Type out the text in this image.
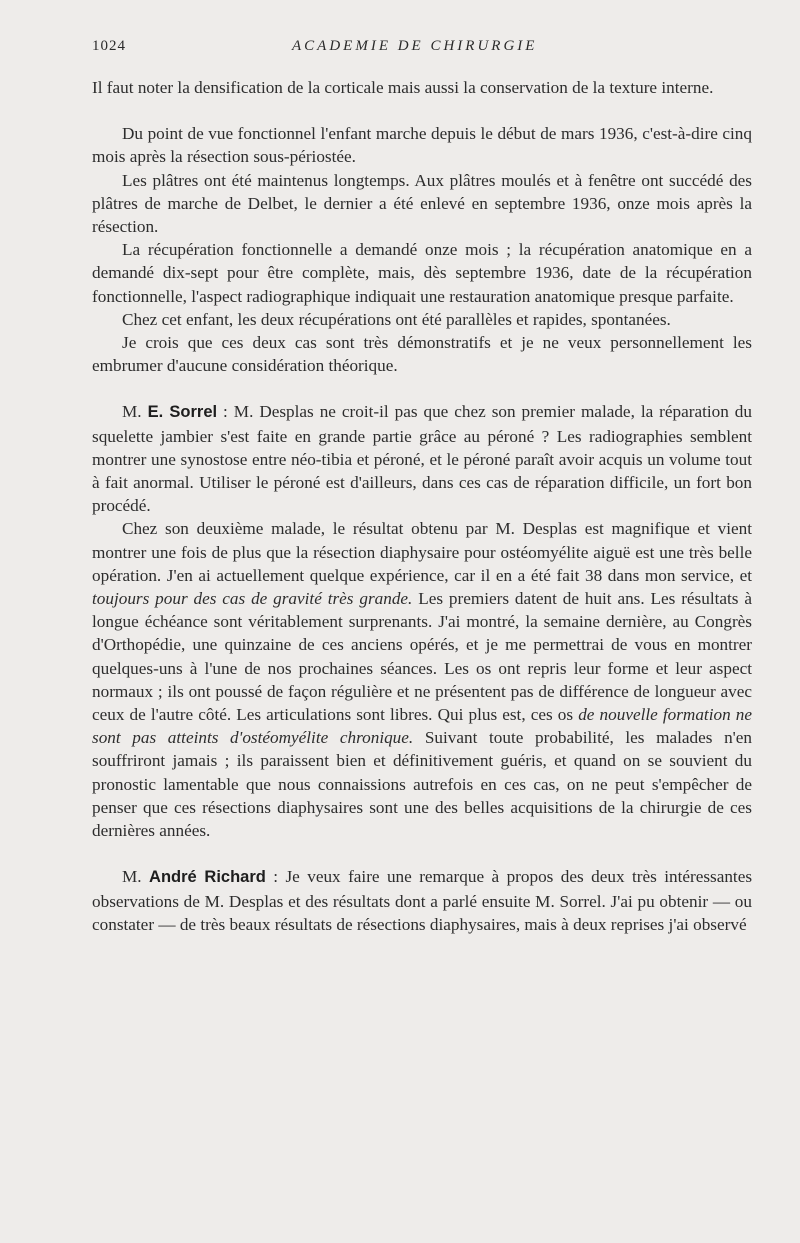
1024	ACADEMIE DE CHIRURGIE

Il faut noter la densification de la corticale mais aussi la conservation de la texture interne.

Du point de vue fonctionnel l'enfant marche depuis le début de mars 1936, c'est-à-dire cinq mois après la résection sous-périostée.

Les plâtres ont été maintenus longtemps. Aux plâtres moulés et à fenêtre ont succédé des plâtres de marche de Delbet, le dernier a été enlevé en septembre 1936, onze mois après la résection.

La récupération fonctionnelle a demandé onze mois ; la récupération anatomique en a demandé dix-sept pour être complète, mais, dès septembre 1936, date de la récupération fonctionnelle, l'aspect radiographique indiquait une restauration anatomique presque parfaite.

Chez cet enfant, les deux récupérations ont été parallèles et rapides, spontanées.

Je crois que ces deux cas sont très démonstratifs et je ne veux personnellement les embrumer d'aucune considération théorique.

M. E. Sorrel : M. Desplas ne croit-il pas que chez son premier malade, la réparation du squelette jambier s'est faite en grande partie grâce au péroné ? Les radiographies semblent montrer une synostose entre néo-tibia et péroné, et le péroné paraît avoir acquis un volume tout à fait anormal. Utiliser le péroné est d'ailleurs, dans ces cas de réparation difficile, un fort bon procédé.

Chez son deuxième malade, le résultat obtenu par M. Desplas est magnifique et vient montrer une fois de plus que la résection diaphysaire pour ostéomyélite aiguë est une très belle opération. J'en ai actuellement quelque expérience, car il en a été fait 38 dans mon service, et toujours pour des cas de gravité très grande. Les premiers datent de huit ans. Les résultats à longue échéance sont véritablement surprenants. J'ai montré, la semaine dernière, au Congrès d'Orthopédie, une quinzaine de ces anciens opérés, et je me permettrai de vous en montrer quelques-uns à l'une de nos prochaines séances. Les os ont repris leur forme et leur aspect normaux ; ils ont poussé de façon régulière et ne présentent pas de différence de longueur avec ceux de l'autre côté. Les articulations sont libres. Qui plus est, ces os de nouvelle formation ne sont pas atteints d'ostéomyélite chronique. Suivant toute probabilité, les malades n'en souffriront jamais ; ils paraissent bien et définitivement guéris, et quand on se souvient du pronostic lamentable que nous connaissions autrefois en ces cas, on ne peut s'empêcher de penser que ces résections diaphysaires sont une des belles acquisitions de la chirurgie de ces dernières années.

M. André Richard : Je veux faire une remarque à propos des deux très intéressantes observations de M. Desplas et des résultats dont a parlé ensuite M. Sorrel. J'ai pu obtenir — ou constater — de très beaux résultats de résections diaphysaires, mais à deux reprises j'ai observé
